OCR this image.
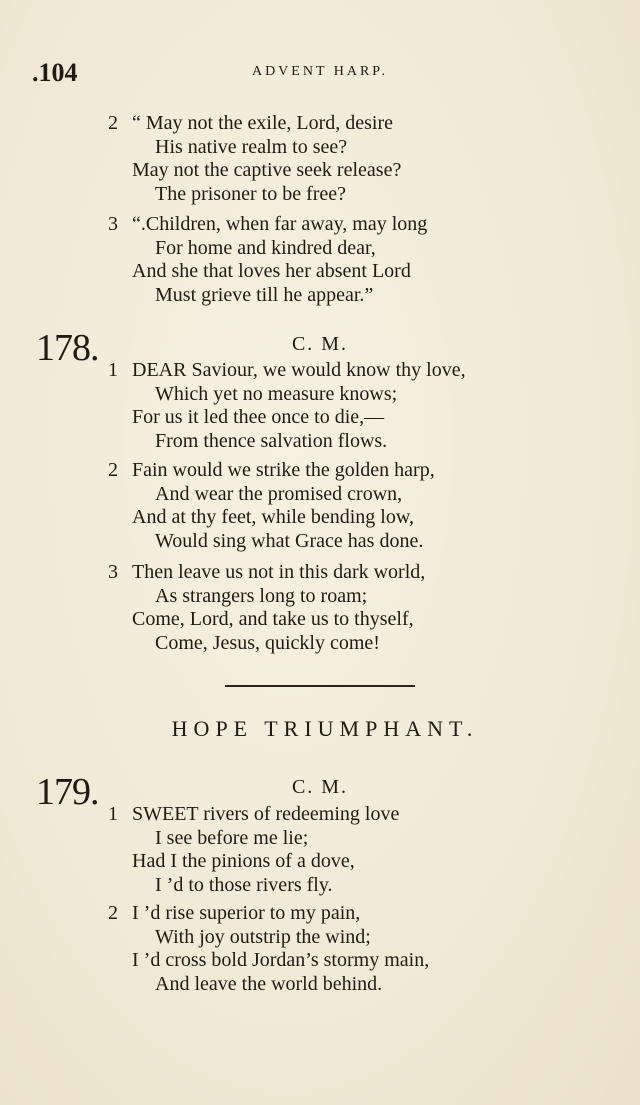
.104	ADVENT HARP.
2 “ May not the exile, Lord, desire
His native realm to see?
May not the captive seek release?
The prisoner to be free?
3 “.Children, when far away, may long
For home and kindred dear,
And she that loves her absent Lord
Must grieve till he appear.”
178.	C. M.
1 DEAR Saviour, we would know thy love,
Which yet no measure knows;
For us it led thee once to die,—
From thence salvation flows.
2 Fain would we strike the golden harp,
And wear the promised crown,
And at thy feet, while bending low,
Would sing what Grace has done.
3 Then leave us not in this dark world,
As strangers long to roam;
Come, Lord, and take us to thyself,
Come, Jesus, quickly come!
HOPE TRIUMPHANT.
179.	C. M.
1 SWEET rivers of redeeming love
I see before me lie;
Had I the pinions of a dove,
I ’d to those rivers fly.
2 I ’d rise superior to my pain,
With joy outstrip the wind;
I ’d cross bold Jordan’s stormy main,
And leave the world behind.
